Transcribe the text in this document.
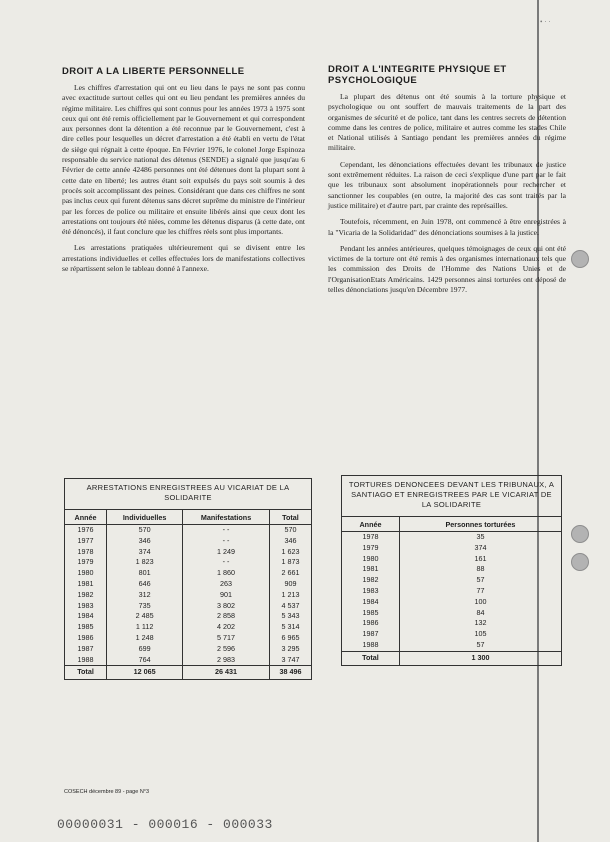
• · ·
DROIT A LA LIBERTE PERSONNELLE

Les chiffres d'arrestation qui ont eu lieu dans le pays ne sont pas connu avec exactitude surtout celles qui ont eu lieu pendant les premières années du régime militaire. Les chiffres qui sont connus pour les années 1973 à 1975 sont ceux qui ont été remis officiellement par le Gouvernement et qui correspondent aux personnes dont la détention a été reconnue par le Gouvernement, c'est à dire celles pour lesquelles un décret d'arrestation a été établi en vertu de l'état de siège qui régnait à cette époque. En Février 1976, le colonel Jorge Espinoza responsable du service national des détenus (SENDE) a signalé que jusqu'au 6 Février de cette année 42486 personnes ont été détenues dont la plupart sont à cette date en liberté; les autres étant soit expulsés du pays soit soumis à des procès soit accomplissant des peines. Considérant que dans ces chiffres ne sont pas inclus ceux qui furent détenus sans décret suprême du ministre de l'intérieur par les forces de police ou militaire et ensuite libérés ainsi que ceux dont les arrestations ont toujours été niées, comme les détenus disparus (à cette date, ont été dénoncés), il faut conclure que les chiffres réels sont plus importants.

Les arrestations pratiquées ultérieurement qui se divisent entre les arrestations individuelles et celles effectuées lors de manifestations collectives se répartissent selon le tableau donné à l'annexe.

DROIT A L'INTEGRITE PHYSIQUE ET PSYCHOLOGIQUE

La plupart des détenus ont été soumis à la torture physique et psychologique ou ont souffert de mauvais traitements de la part des organismes de sécurité et de police, tant dans les centres secrets de détention comme dans les centres de police, militaire et autres comme les stades Chile et National utilisés à Santiago pendant les premières années du régime militaire.

Cependant, les dénonciations effectuées devant les tribunaux de justice sont extrêmement réduites. La raison de ceci s'explique d'une part par le fait que les tribunaux sont absolument inopérationnels pour rechercher et sanctionner les coupables (en outre, la majorité des cas sont traités par la justice militaire) et d'autre part, par crainte des représailles.

Toutefois, récemment, en Juin 1978, ont commencé à être enregistrées à la "Vicaria de la Solidaridad" des dénonciations soumises à la justice.

Pendant les années antérieures, quelques témoignages de ceux qui ont été victimes de la torture ont été remis à des organismes internationaux tels que les commission des Droits de l'Homme des Nations Unies et de l'OrganisationEtats Américains. 1429 personnes ainsi torturées ont déposé de telles dénonciations jusqu'en Décembre 1977.

ARRESTATIONS ENREGISTREES AU VICARIAT DE LA SOLIDARITE
Année	Individuelles	Manifestations	Total
1976	570	- -	570
1977	346	- -	346
1978	374	1 249	1 623
1979	1 823	- -	1 873
1980	801	1 860	2 661
1981	646	263	909
1982	312	901	1 213
1983	735	3 802	4 537
1984	2 485	2 858	5 343
1985	1 112	4 202	5 314
1986	1 248	5 717	6 965
1987	699	2 596	3 295
1988	764	2 983	3 747
Total	12 065	26 431	38 496
TORTURES DENONCEES DEVANT LES TRIBUNAUX, A SANTIAGO ET ENREGISTREES PAR LE VICARIAT DE LA SOLIDARITE
Année	Personnes torturées
1978	35
1979	374
1980	161
1981	88
1982	57
1983	77
1984	100
1985	84
1986	132
1987	105
1988	57
Total	1 300
COSECH décembre 89 - page N°3
00000031 - 000016 - 000033
